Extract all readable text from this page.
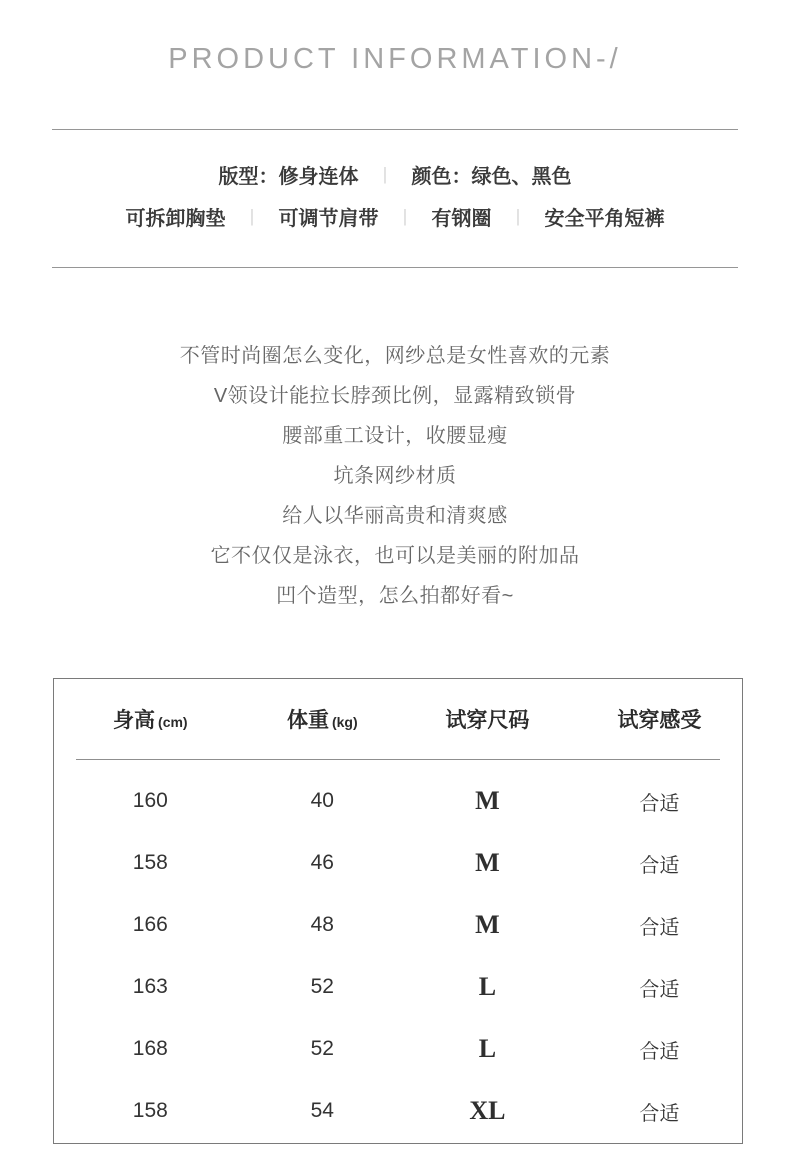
PRODUCT INFORMATION-/
版型：修身连体 ｜ 颜色：绿色、黑色
可拆卸胸垫 ｜ 可调节肩带 ｜ 有钢圈 ｜ 安全平角短裤
不管时尚圈怎么变化，网纱总是女性喜欢的元素
V领设计能拉长脖颈比例，显露精致锁骨
腰部重工设计，收腰显瘦
坑条网纱材质
给人以华丽高贵和清爽感
它不仅仅是泳衣，也可以是美丽的附加品
凹个造型，怎么拍都好看~
身高 (cm)	体重 (kg)	试穿尺码	试穿感受
160	40	M	合适
158	46	M	合适
166	48	M	合适
163	52	L	合适
168	52	L	合适
158	54	XL	合适
